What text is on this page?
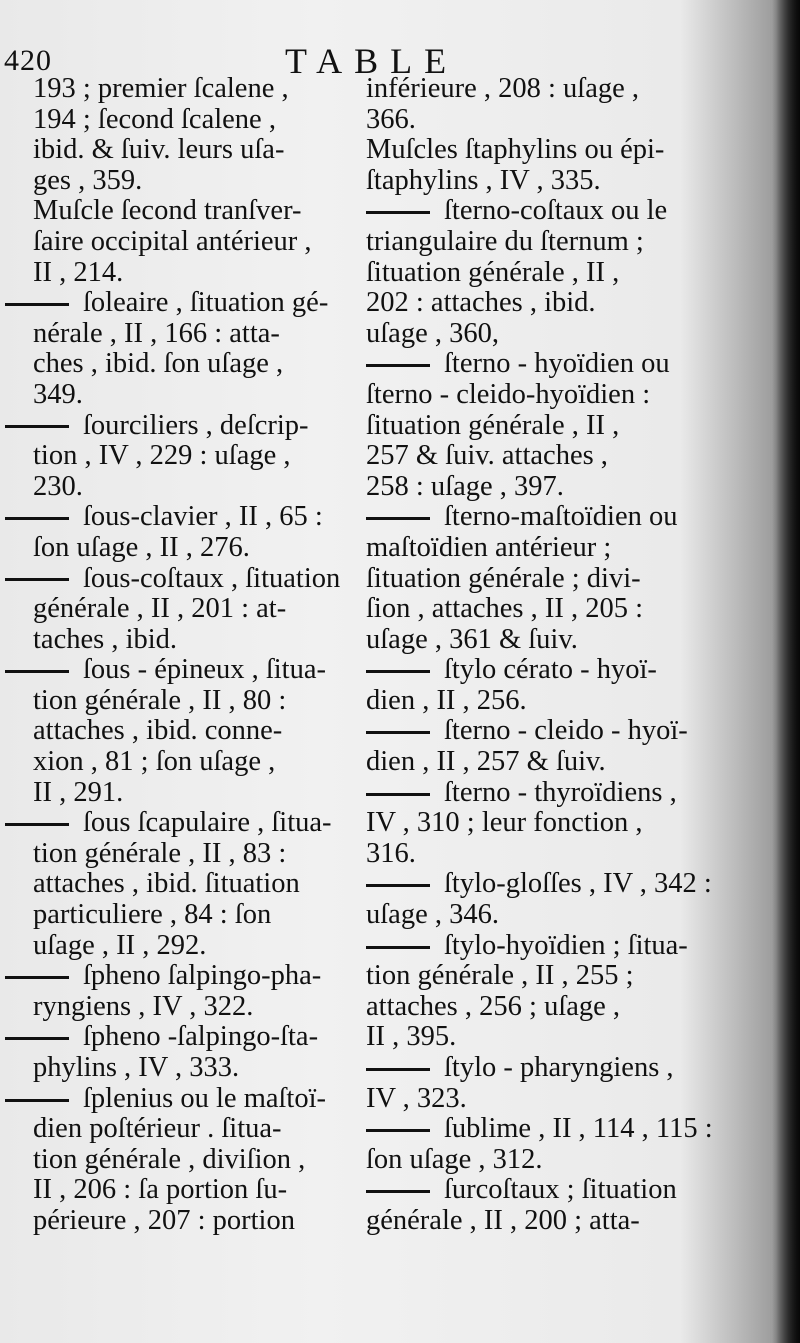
420	TABLE
193 ; premier ſcalene ,
194 ; ſecond ſcalene ,
ibid. & ſuiv. leurs uſa-
ges , 359.
Muſcle ſecond tranſver-
ſaire occipital antérieur ,
II , 214.
ſoleaire , ſituation gé-
nérale , II , 166 : atta-
ches , ibid. ſon uſage ,
349.
ſourciliers , deſcrip-
tion , IV , 229 : uſage ,
230.
ſous-clavier , II , 65 :
ſon uſage , II , 276.
ſous-coſtaux , ſituation
générale , II , 201 : at-
taches , ibid.
ſous - épineux , ſitua-
tion générale , II , 80 :
attaches , ibid. conne-
xion , 81 ; ſon uſage ,
II , 291.
ſous ſcapulaire , ſitua-
tion générale , II , 83 :
attaches , ibid. ſituation
particuliere , 84 : ſon
uſage , II , 292.
ſpheno ſalpingo-pha-
ryngiens , IV , 322.
ſpheno -ſalpingo-ſta-
phylins , IV , 333.
ſplenius ou le maſtoï-
dien poſtérieur . ſitua-
tion générale , diviſion ,
II , 206 : ſa portion ſu-
périeure , 207 : portion
inférieure , 208 : uſage ,
366.
Muſcles ſtaphylins ou épi-
ſtaphylins , IV , 335.
ſterno-coſtaux ou le
triangulaire du ſternum ;
ſituation générale , II ,
202 : attaches , ibid.
uſage , 360,
ſterno - hyoïdien ou
ſterno - cleido-hyoïdien :
ſituation générale , II ,
257 & ſuiv. attaches ,
258 : uſage , 397.
ſterno-maſtoïdien ou
maſtoïdien antérieur ;
ſituation générale ; divi-
ſion , attaches , II , 205 :
uſage , 361 & ſuiv.
ſtylo cérato - hyoï-
dien , II , 256.
ſterno - cleido - hyoï-
dien , II , 257 & ſuiv.
ſterno - thyroïdiens ,
IV , 310 ; leur fonction ,
316.
ſtylo-gloſſes , IV , 342 :
uſage , 346.
ſtylo-hyoïdien ; ſitua-
tion générale , II , 255 ;
attaches , 256 ; uſage ,
II , 395.
ſtylo - pharyngiens ,
IV , 323.
ſublime , II , 114 , 115 :
ſon uſage , 312.
ſurcoſtaux ; ſituation
générale , II , 200 ; atta-
